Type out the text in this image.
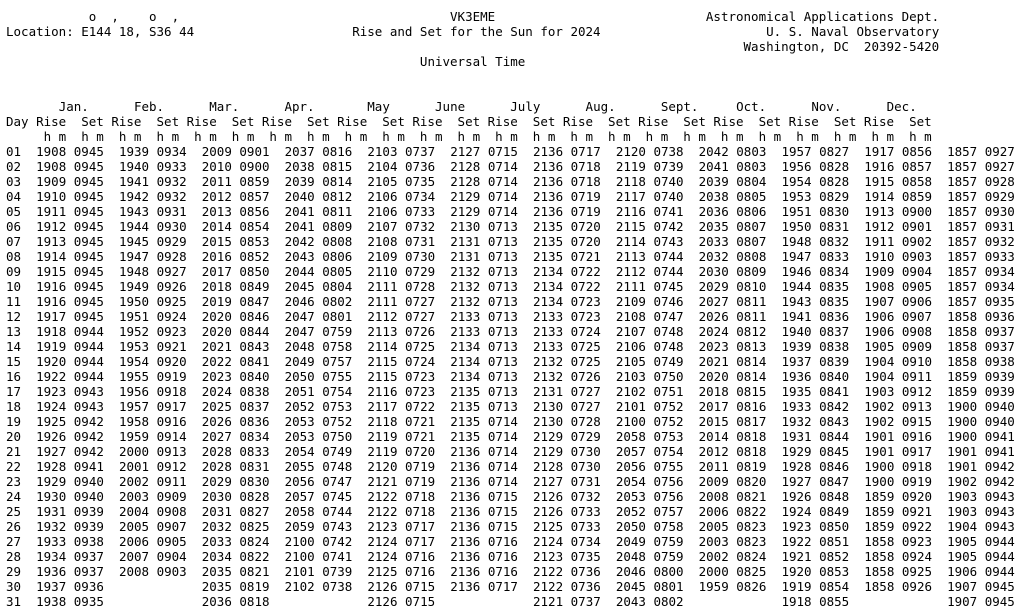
o  ,    o  ,	VK3EME	Astronomical Applications Dept.
Location: E144 18, S36 44	Rise and Set for the Sun for 2024	U. S. Naval Observatory
Washington, DC  20392-5420
Universal Time
Jan.	Feb.	Mar.	Apr.	May	June	July	Aug.	Sept.	Oct.	Nov.	Dec.
Day Rise  Set Rise  Set Rise  Set Rise  Set Rise  Set Rise  Set Rise  Set Rise  Set Rise  Set Rise  Set Rise  Set Rise  Set
h m  h m  h m  h m  h m  h m  h m  h m  h m  h m  h m  h m  h m  h m  h m  h m  h m  h m  h m  h m  h m  h m  h m  h m
01 1908 0945 1939 0934 2009 0901 2037 0816 2103 0737 2127 0715 2136 0717 2120 0738 2042 0803 1957 0827 1917 0856 1857 0927
02 1908 0945 1940 0933 2010 0900 2038 0815 2104 0736 2128 0714 2136 0718 2119 0739 2041 0803 1956 0828 1916 0857 1857 0927
03 1909 0945 1941 0932 2011 0859 2039 0814 2105 0735 2128 0714 2136 0718 2118 0740 2039 0804 1954 0828 1915 0858 1857 0928
04 1910 0945 1942 0932 2012 0857 2040 0812 2106 0734 2129 0714 2136 0719 2117 0740 2038 0805 1953 0829 1914 0859 1857 0929
05 1911 0945 1943 0931 2013 0856 2041 0811 2106 0733 2129 0714 2136 0719 2116 0741 2036 0806 1951 0830 1913 0900 1857 0930
06 1912 0945 1944 0930 2014 0854 2041 0809 2107 0732 2130 0713 2135 0720 2115 0742 2035 0807 1950 0831 1912 0901 1857 0931
07 1913 0945 1945 0929 2015 0853 2042 0808 2108 0731 2131 0713 2135 0720 2114 0743 2033 0807 1948 0832 1911 0902 1857 0932
08 1914 0945 1947 0928 2016 0852 2043 0806 2109 0730 2131 0713 2135 0721 2113 0744 2032 0808 1947 0833 1910 0903 1857 0933
09 1915 0945 1948 0927 2017 0850 2044 0805 2110 0729 2132 0713 2134 0722 2112 0744 2030 0809 1946 0834 1909 0904 1857 0934
10 1916 0945 1949 0926 2018 0849 2045 0804 2111 0728 2132 0713 2134 0722 2111 0745 2029 0810 1944 0835 1908 0905 1857 0934
11 1916 0945 1950 0925 2019 0847 2046 0802 2111 0727 2132 0713 2134 0723 2109 0746 2027 0811 1943 0835 1907 0906 1857 0935
12 1917 0945 1951 0924 2020 0846 2047 0801 2112 0727 2133 0713 2133 0723 2108 0747 2026 0811 1941 0836 1906 0907 1858 0936
13 1918 0944 1952 0923 2020 0844 2047 0759 2113 0726 2133 0713 2133 0724 2107 0748 2024 0812 1940 0837 1906 0908 1858 0937
14 1919 0944 1953 0921 2021 0843 2048 0758 2114 0725 2134 0713 2133 0725 2106 0748 2023 0813 1939 0838 1905 0909 1858 0937
15 1920 0944 1954 0920 2022 0841 2049 0757 2115 0724 2134 0713 2132 0725 2105 0749 2021 0814 1937 0839 1904 0910 1858 0938
16 1922 0944 1955 0919 2023 0840 2050 0755 2115 0723 2134 0713 2132 0726 2103 0750 2020 0814 1936 0840 1904 0911 1859 0939
17 1923 0943 1956 0918 2024 0838 2051 0754 2116 0723 2135 0713 2131 0727 2102 0751 2018 0815 1935 0841 1903 0912 1859 0939
18 1924 0943 1957 0917 2025 0837 2052 0753 2117 0722 2135 0713 2130 0727 2101 0752 2017 0816 1933 0842 1902 0913 1900 0940
19 1925 0942 1958 0916 2026 0836 2053 0752 2118 0721 2135 0714 2130 0728 2100 0752 2015 0817 1932 0843 1902 0915 1900 0940
20 1926 0942 1959 0914 2027 0834 2053 0750 2119 0721 2135 0714 2129 0729 2058 0753 2014 0818 1931 0844 1901 0916 1900 0941
21 1927 0942 2000 0913 2028 0833 2054 0749 2119 0720 2136 0714 2129 0730 2057 0754 2012 0818 1929 0845 1901 0917 1901 0941
22 1928 0941 2001 0912 2028 0831 2055 0748 2120 0719 2136 0714 2128 0730 2056 0755 2011 0819 1928 0846 1900 0918 1901 0942
23 1929 0940 2002 0911 2029 0830 2056 0747 2121 0719 2136 0714 2127 0731 2054 0756 2009 0820 1927 0847 1900 0919 1902 0942
24 1930 0940 2003 0909 2030 0828 2057 0745 2122 0718 2136 0715 2126 0732 2053 0756 2008 0821 1926 0848 1859 0920 1903 0943
25 1931 0939 2004 0908 2031 0827 2058 0744 2122 0718 2136 0715 2126 0733 2052 0757 2006 0822 1924 0849 1859 0921 1903 0943
26 1932 0939 2005 0907 2032 0825 2059 0743 2123 0717 2136 0715 2125 0733 2050 0758 2005 0823 1923 0850 1859 0922 1904 0943
27 1933 0938 2006 0905 2033 0824 2100 0742 2124 0717 2136 0716 2124 0734 2049 0759 2003 0823 1922 0851 1858 0923 1905 0944
28 1934 0937 2007 0904 2034 0822 2100 0741 2124 0716 2136 0716 2123 0735 2048 0759 2002 0824 1921 0852 1858 0924 1905 0944
29 1936 0937 2008 0903 2035 0821 2101 0739 2125 0716 2136 0716 2122 0736 2046 0800 2000 0825 1920 0853 1858 0925 1906 0944
30 1937 0936	2035 0819 2102 0738 2126 0715 2136 0717 2122 0736 2045 0801 1959 0826 1919 0854 1858 0926 1907 0945
31 1938 0935	2036 0818	2126 0715	2121 0737 2043 0802	1918 0855	1907 0945
